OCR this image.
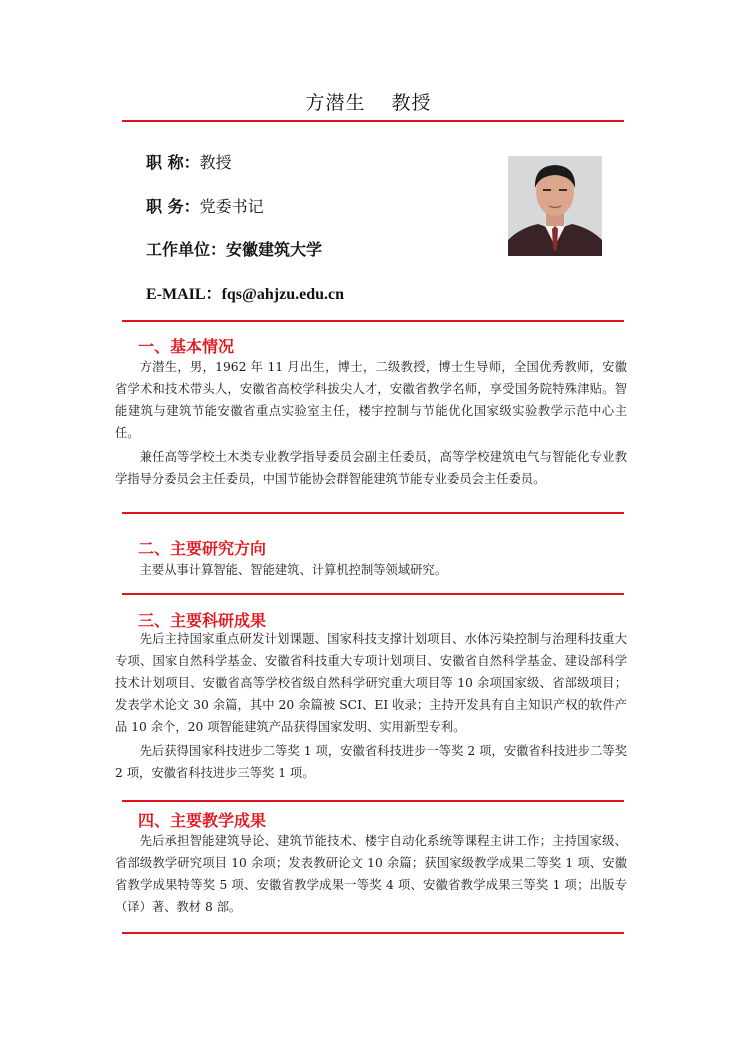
方潜生 教授
职 称：教授
职 务：党委书记
工作单位：安徽建筑大学
E-MAIL：fqs@ahjzu.edu.cn
一、基本情况

方潜生，男，1962 年 11 月出生，博士，二级教授，博士生导师，全国优秀教师，安徽省学术和技术带头人，安徽省高校学科拔尖人才，安徽省教学名师，享受国务院特殊津贴。智能建筑与建筑节能安徽省重点实验室主任，楼宇控制与节能优化国家级实验教学示范中心主任。

兼任高等学校土木类专业教学指导委员会副主任委员，高等学校建筑电气与智能化专业教学指导分委员会主任委员，中国节能协会群智能建筑节能专业委员会主任委员。

二、主要研究方向

主要从事计算智能、智能建筑、计算机控制等领域研究。

三、主要科研成果

先后主持国家重点研发计划课题、国家科技支撑计划项目、水体污染控制与治理科技重大专项、国家自然科学基金、安徽省科技重大专项计划项目、安徽省自然科学基金、建设部科学技术计划项目、安徽省高等学校省级自然科学研究重大项目等 10 余项国家级、省部级项目；发表学术论文 30 余篇，其中 20 余篇被 SCI、EI 收录；主持开发具有自主知识产权的软件产品 10 余个，20 项智能建筑产品获得国家发明、实用新型专利。

先后获得国家科技进步二等奖 1 项，安徽省科技进步一等奖 2 项，安徽省科技进步二等奖 2 项，安徽省科技进步三等奖 1 项。

四、主要教学成果

先后承担智能建筑导论、建筑节能技术、楼宇自动化系统等课程主讲工作；主持国家级、省部级教学研究项目 10 余项；发表教研论文 10 余篇；获国家级教学成果二等奖 1 项、安徽省教学成果特等奖 5 项、安徽省教学成果一等奖 4 项、安徽省教学成果三等奖 1 项；出版专（译）著、教材 8 部。
